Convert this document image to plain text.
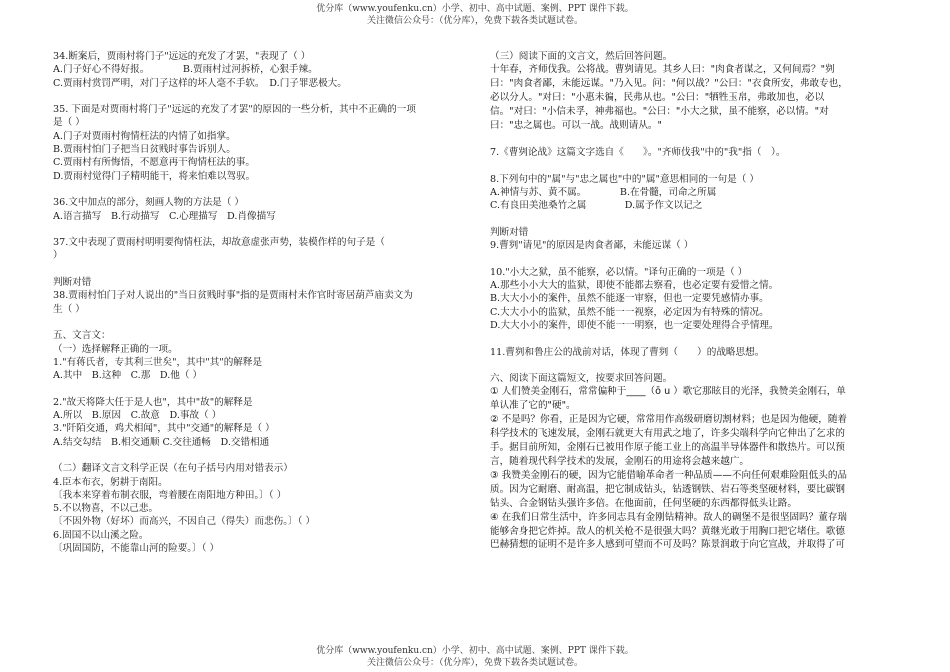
优分库（www.youfenku.cn）小学、初中、高中试题、案例、PPT 课件下载。
关注微信公众号：（优分库），免费下载各类试题试卷。
34.断案后，贾雨村将门子"远远的充发了才罢，"表现了（ ）
A.门子好心不得好报。　　　　B.贾雨村过河拆桥，心狠手辣。
C.贾雨村赏罚严明，对门子这样的坏人毫不手软。　D.门子罪恶极大。
35. 下面是对贾雨村将门子"远远的充发了才罢"的原因的一些分析，其中不正确的一项
是（ ）
A.门子对贾雨村徇情枉法的内情了如指掌。
B.贾雨村怕门子把当日贫贱时事告诉别人。
C.贾雨村有所悔悟，不愿意再干徇情枉法的事。
D.贾雨村觉得门子精明能干，将来怕难以驾驭。
36.文中加点的部分，刻画人物的方法是（ ）
A.语言描写　B.行动描写　C.心理描写　D.肖像描写
37.文中表现了贾雨村明明要徇情枉法，却故意虚张声势，装模作样的句子是（
）
判断对错
38.贾雨村怕门子对人说出的"当日贫贱时事"指的是贾雨村未作官时寄居葫芦庙卖文为
生（ ）
五、文言文：
（一）选择解释正确的一项。
1."有蒋氏者，专其利三世矣"，其中"其"的解释是
A.其中　B.这种　C.那　D.他（ ）
2."故天将降大任于是人也"，其中"故"的解释是
A.所以　B.原因　C.故意　D.事故（ ）
3."阡陌交通，鸡犬相闻"，其中"交通"的解释是（ ）
A.结交勾结　B.相交通顺 C.交往通畅　D.交错相通
（二）翻译文言文科学正误（在句子括号内用对错表示）
4.臣本布衣，躬耕于南阳。
〔我本来穿着布制衣服，弯着腰在南阳地方种田。〕（ ）
5.不以物喜，不以己悲。
〔不因外物（好坏）而高兴，不因自己（得失）而悲伤。〕（ ）
6.固国不以山溪之险。
〔巩固国防，不能靠山河的险要。〕（ ）
（三）阅读下面的文言文，然后回答问题。
十年春，齐师伐我。公将战。曹刿请见。其乡人曰："肉食者谋之，又何间焉？"刿
曰："肉食者鄙，未能远谋。"乃入见。问："何以战？"公曰："衣食所安，弗敢专也，
必以分人。"对曰："小惠未徧，民弗从也。"公曰："牺牲玉帛，弗敢加也，必以
信。"对曰："小信未孚，神弗福也。"公曰："小大之狱，虽不能察，必以情。"对
曰："忠之属也。可以一战。战则请从。"
7.《曹刿论战》这篇文字选自《　　》。"齐师伐我"中的"我"指（　）。
8.下列句中的"属"与"忠之属也"中的"属"意思相同的一句是（ ）
A.神情与苏、黄不属。　　　　B.在骨髓，司命之所属
C.有良田美池桑竹之属　　　　D.属予作文以记之
判断对错
9.曹刿"请见"的原因是肉食者鄙，未能远谋（ ）
10."小大之狱，虽不能察，必以情。"译句正确的一项是（ ）
A.那些小小大大的监狱，即使不能都去察看，也必定要有爱惜之情。
B.大大小小的案件，虽然不能逐一审察，但也一定要凭感情办事。
C.大大小小的监狱，虽然不能一一视察，必定因为有特殊的情况。
D.大大小小的案件，即使不能一一明察，也一定要处理得合乎情理。
11.曹刿和鲁庄公的战前对话，体现了曹刿（　　）的战略思想。
六、阅读下面这篇短文，按要求回答问题。
① 人们赞美金刚石，常常偏种于____（ō u ）歌它那眩目的光泽，我赞美金刚石，单
单认准了它的"硬"。
② 不是吗？你看，正是因为它硬，常常用作高级研磨切割材料；也是因为他硬，随着
科学技术的飞速发展，金刚石就更大有用武之地了，许多尖端科学向它伸出了乞求的
手。据目前所知，金刚石已被用作原子能工业上的高温半导体器件和散热片。可以预
言，随着现代科学技术的发展，金刚石的用途将会越来越广。
③ 我赞美金刚石的硬，因为它能借喻革命者一种品质——不向任何艰难险阻低头的品
质。因为它耐磨、耐高温，把它制成钻头，钻透钢铁、岩石等类坚硬材料，要比碳钢
钻头、合金钢钻头强许多倍。在他面前，任何坚硬的东西都得低头让路。
④ 在我们日常生活中，许多同志具有金刚钻精神。敌人的碉堡不是很坚固吗？董存瑞
能够舍身把它炸掉。敌人的机关枪不是很强大吗？黄继光敢于用胸口把它堵住。歌德
巴赫猜想的证明不是许多人感到可望而不可及吗？陈景润敢于向它宣战，并取得了可
优分库（www.youfenku.cn）小学、初中、高中试题、案例、PPT 课件下载。
关注微信公众号：（优分库），免费下载各类试题试卷。
